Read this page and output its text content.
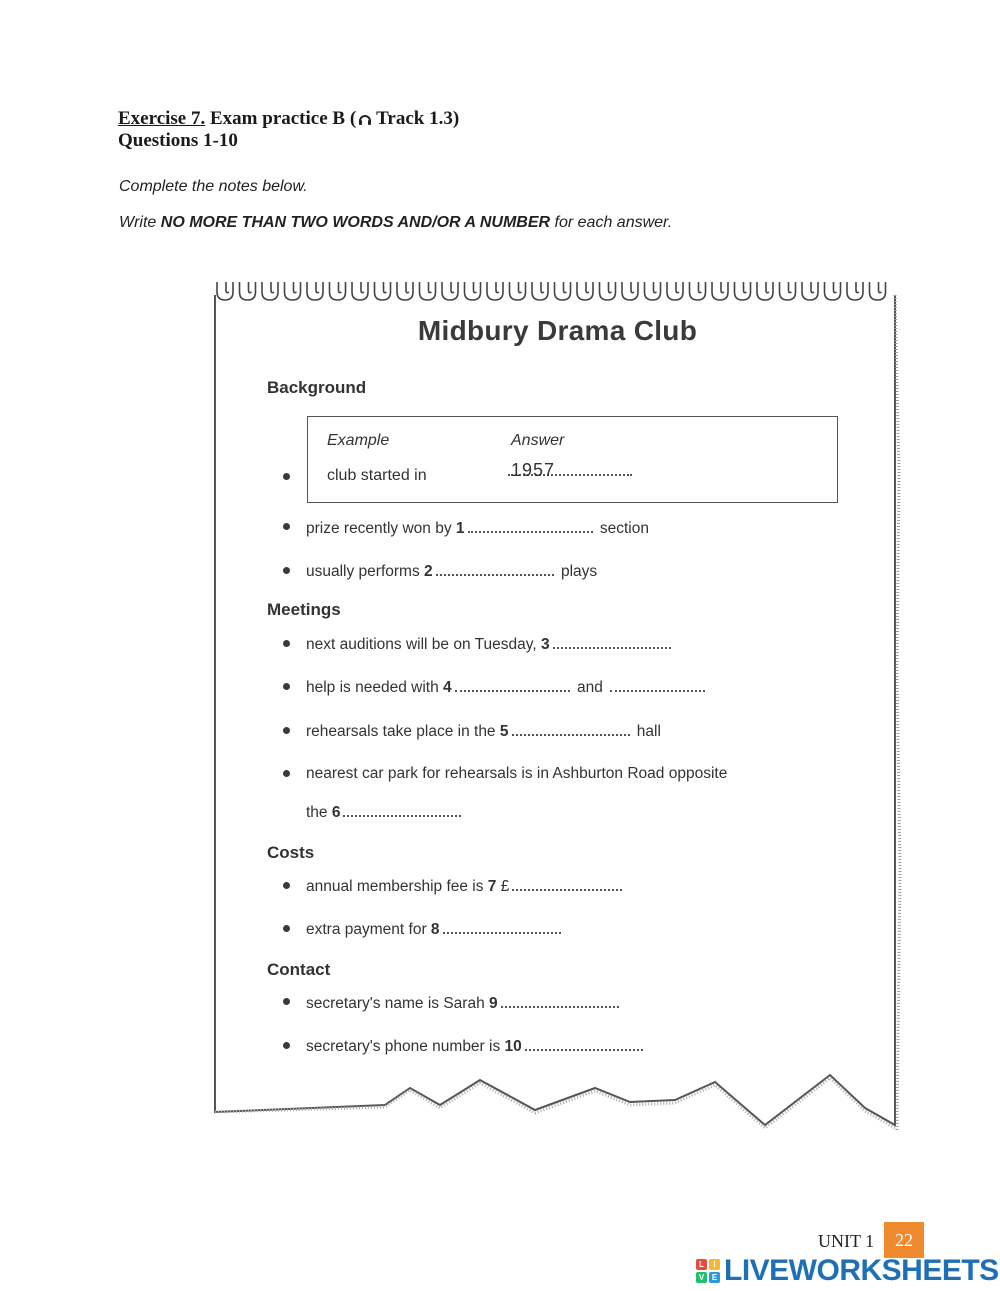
Exercise 7. Exam practice B ( Track 1.3)
Questions 1-10
Complete the notes below.
Write NO MORE THAN TWO WORDS AND/OR A NUMBER for each answer.
Midbury Drama Club
Background
Example	Answer
club started in	1957
prize recently won by 1	section
usually performs 2	plays
Meetings
next auditions will be on Tuesday, 3
help is needed with 4	and
rehearsals take place in the 5	hall
nearest car park for rehearsals is in Ashburton Road opposite
the 6
Costs
annual membership fee is 7 £
extra payment for 8
Contact
secretary's name is Sarah 9
secretary's phone number is 10
UNIT 1	22
L	I
V E LIVEWORKSHEETS
